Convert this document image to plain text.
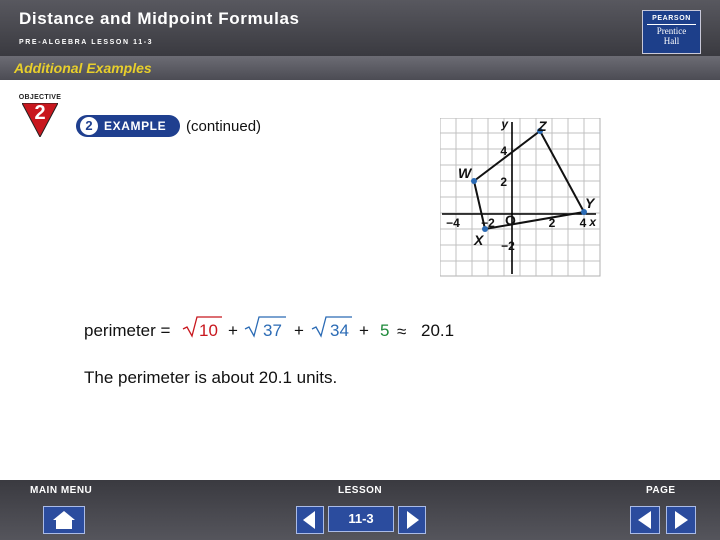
Distance and Midpoint Formulas
PRE-ALGEBRA LESSON 11-3
PEARSON
Prentice
Hall
Additional Examples
OBJECTIVE
2
2 EXAMPLE (continued)	y
x
O
4
2
−4 −2	2 4
−2
W
X
Y
Z
perimeter = 10 + 37 + 34 + 5 ≈ 20.1
The perimeter is about 20.1 units.
MAIN MENU	LESSON	PAGE
11-3
